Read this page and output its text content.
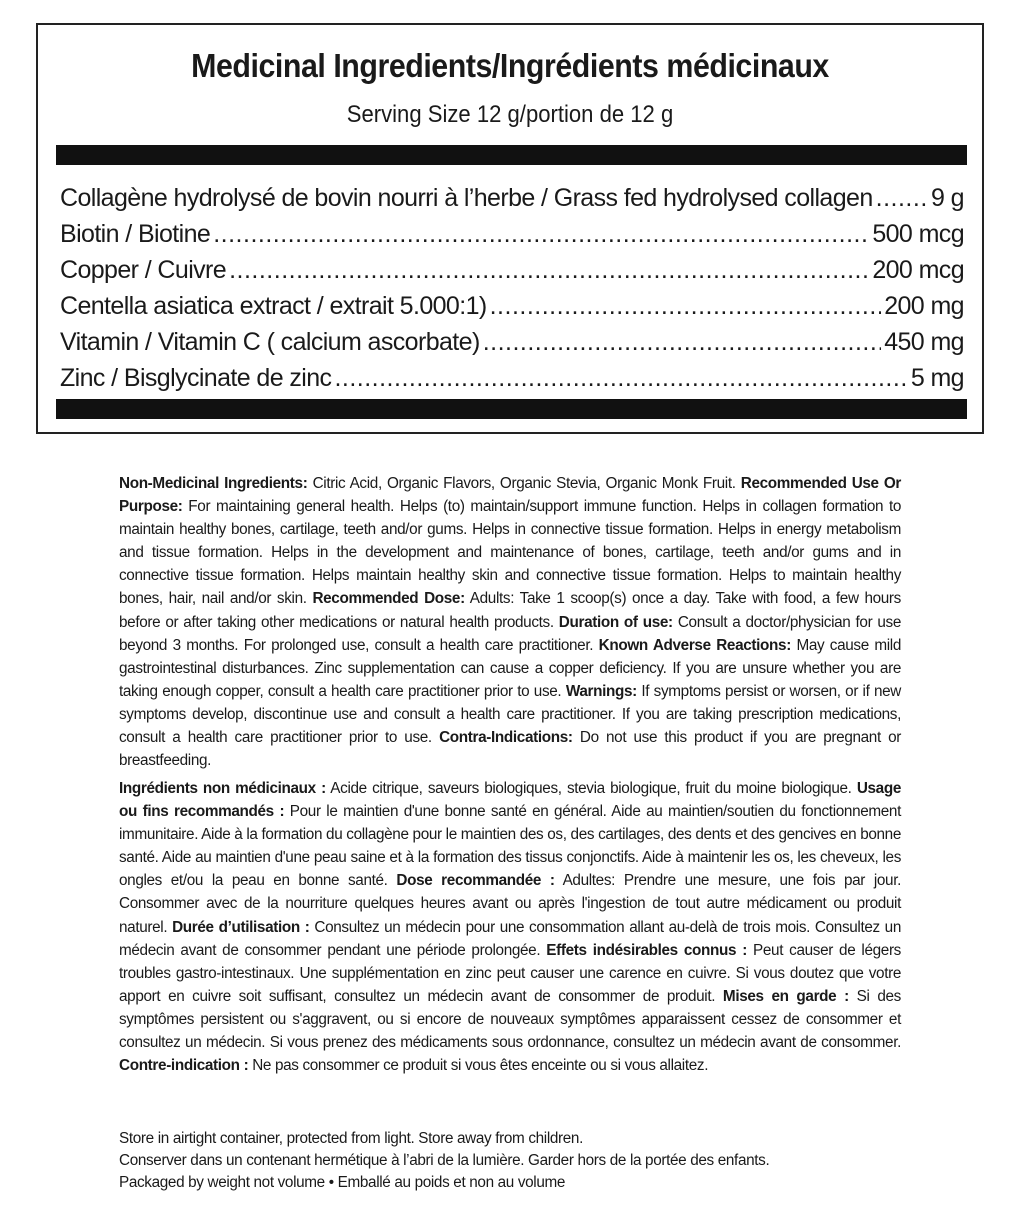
Medicinal Ingredients/Ingrédients médicinaux
Serving Size 12 g/portion de 12 g
Collagène hydrolysé de bovin nourri à l’herbe / Grass fed hydrolysed collagen ..... 9 g
Biotin / Biotine .....	500 mcg
Copper / Cuivre .....	200 mcg
Centella asiatica extract / extrait 5.000:1) .....	200 mg
Vitamin / Vitamin C ( calcium ascorbate) .....	450 mg
Zinc / Bisglycinate de zinc .....	5 mg
Non-Medicinal Ingredients: Citric Acid, Organic Flavors, Organic Stevia, Organic Monk Fruit. Recommended Use Or Purpose: For maintaining general health. Helps (to) maintain/support immune function. Helps in collagen formation to maintain healthy bones, cartilage, teeth and/or gums. Helps in connective tissue formation. Helps in energy metabolism and tissue formation. Helps in the development and maintenance of bones, cartilage, teeth and/or gums and in connective tissue formation. Helps maintain healthy skin and connective tissue formation. Helps to maintain healthy bones, hair, nail and/or skin. Recommended Dose: Adults: Take 1 scoop(s) once a day. Take with food, a few hours before or after taking other medications or natural health products. Duration of use: Consult a doctor/physician for use beyond 3 months. For prolonged use, consult a health care practitioner. Known Adverse Reactions: May cause mild gastrointestinal disturbances. Zinc supplementation can cause a copper deficiency. If you are unsure whether you are taking enough copper, consult a health care practitioner prior to use. Warnings: If symptoms persist or worsen, or if new symptoms develop, discontinue use and consult a health care practitioner. If you are taking prescription medications, consult a health care practitioner prior to use. Contra-Indications: Do not use this product if you are pregnant or breastfeeding.
Ingrédients non médicinaux : Acide citrique, saveurs biologiques, stevia biologique, fruit du moine biologique. Usage ou fins recommandés : Pour le maintien d'une bonne santé en général. Aide au maintien/soutien du fonctionnement immunitaire. Aide à la formation du collagène pour le maintien des os, des cartilages, des dents et des gencives en bonne santé. Aide au maintien d'une peau saine et à la formation des tissus conjonctifs. Aide à maintenir les os, les cheveux, les ongles et/ou la peau en bonne santé. Dose recommandée : Adultes: Prendre une mesure, une fois par jour. Consommer avec de la nourriture quelques heures avant ou après l'ingestion de tout autre médicament ou produit naturel. Durée d’utilisation : Consultez un médecin pour une consommation allant au-delà de trois mois. Consultez un médecin avant de consommer pendant une période prolongée. Effets indésirables connus : Peut causer de légers troubles gastro-intestinaux. Une supplémentation en zinc peut causer une carence en cuivre. Si vous doutez que votre apport en cuivre soit suffisant, consultez un médecin avant de consommer de produit. Mises en garde : Si des symptômes persistent ou s'aggravent, ou si encore de nouveaux symptômes apparaissent cessez de consommer et consultez un médecin. Si vous prenez des médicaments sous ordonnance, consultez un médecin avant de consommer. Contre-indication : Ne pas consommer ce produit si vous êtes enceinte ou si vous allaitez.
Store in airtight container, protected from light. Store away from children.
Conserver dans un contenant hermétique à l’abri de la lumière. Garder hors de la portée des enfants.
Packaged by weight not volume • Emballé au poids et non au volume
